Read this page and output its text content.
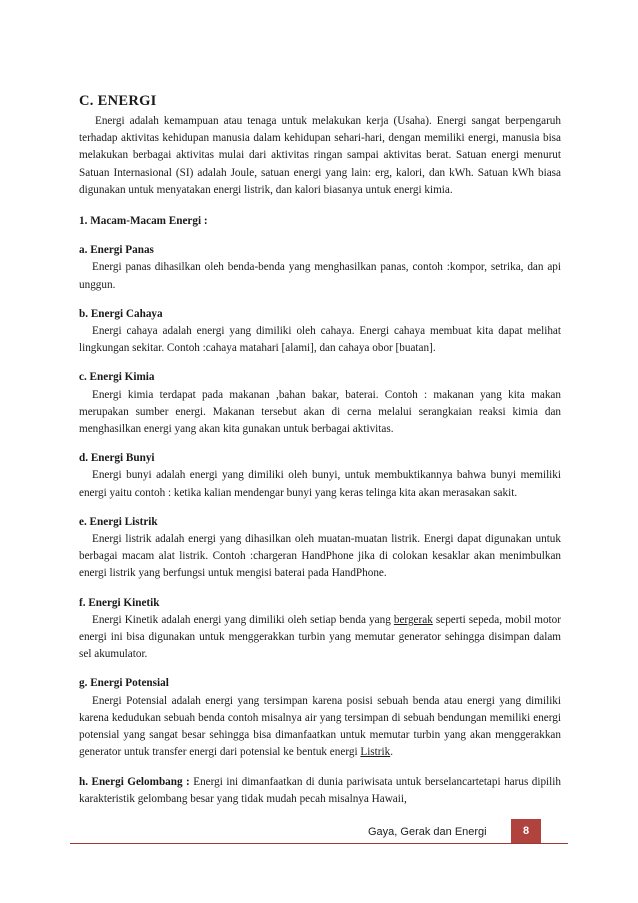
C. ENERGI

Energi adalah kemampuan atau tenaga untuk melakukan kerja (Usaha). Energi sangat berpengaruh terhadap aktivitas kehidupan manusia dalam kehidupan sehari-hari, dengan memiliki energi, manusia bisa melakukan berbagai aktivitas mulai dari aktivitas ringan sampai aktivitas berat. Satuan energi menurut Satuan Internasional (SI) adalah Joule, satuan energi yang lain: erg, kalori, dan kWh. Satuan kWh biasa digunakan untuk menyatakan energi listrik, dan kalori biasanya untuk energi kimia.

1. Macam-Macam Energi :

a. Energi Panas

Energi panas dihasilkan oleh benda-benda yang menghasilkan panas, contoh :kompor, setrika, dan api unggun.

b. Energi Cahaya

Energi cahaya adalah energi yang dimiliki oleh cahaya. Energi cahaya membuat kita dapat melihat lingkungan sekitar. Contoh :cahaya matahari [alami], dan cahaya obor [buatan].

c. Energi Kimia

Energi kimia terdapat pada makanan ,bahan bakar, baterai. Contoh : makanan yang kita makan merupakan sumber energi. Makanan tersebut akan di cerna melalui serangkaian reaksi kimia dan menghasilkan energi yang akan kita gunakan untuk berbagai aktivitas.

d. Energi Bunyi

Energi bunyi adalah energi yang dimiliki oleh bunyi, untuk membuktikannya bahwa bunyi memiliki energi yaitu contoh : ketika kalian mendengar bunyi yang keras telinga kita akan merasakan sakit.

e. Energi Listrik

Energi listrik adalah energi yang dihasilkan oleh muatan-muatan listrik. Energi dapat digunakan untuk berbagai macam alat listrik. Contoh :chargeran HandPhone jika di colokan kesaklar akan menimbulkan energi listrik yang berfungsi untuk mengisi baterai pada HandPhone.

f. Energi Kinetik

Energi Kinetik adalah energi yang dimiliki oleh setiap benda yang bergerak seperti sepeda, mobil motor energi ini bisa digunakan untuk menggerakkan turbin yang memutar generator sehingga disimpan dalam sel akumulator.

g. Energi Potensial

Energi Potensial adalah energi yang tersimpan karena posisi sebuah benda atau energi yang dimiliki karena kedudukan sebuah benda contoh misalnya air yang tersimpan di sebuah bendungan memiliki energi potensial yang sangat besar sehingga bisa dimanfaatkan untuk memutar turbin yang akan menggerakkan generator untuk transfer energi dari potensial ke bentuk energi Listrik.

h. Energi Gelombang : Energi ini dimanfaatkan di dunia pariwisata untuk berselancartetapi harus dipilih karakteristik gelombang besar yang tidak mudah pecah misalnya Hawaii,

Gaya, Gerak dan Energi	8
